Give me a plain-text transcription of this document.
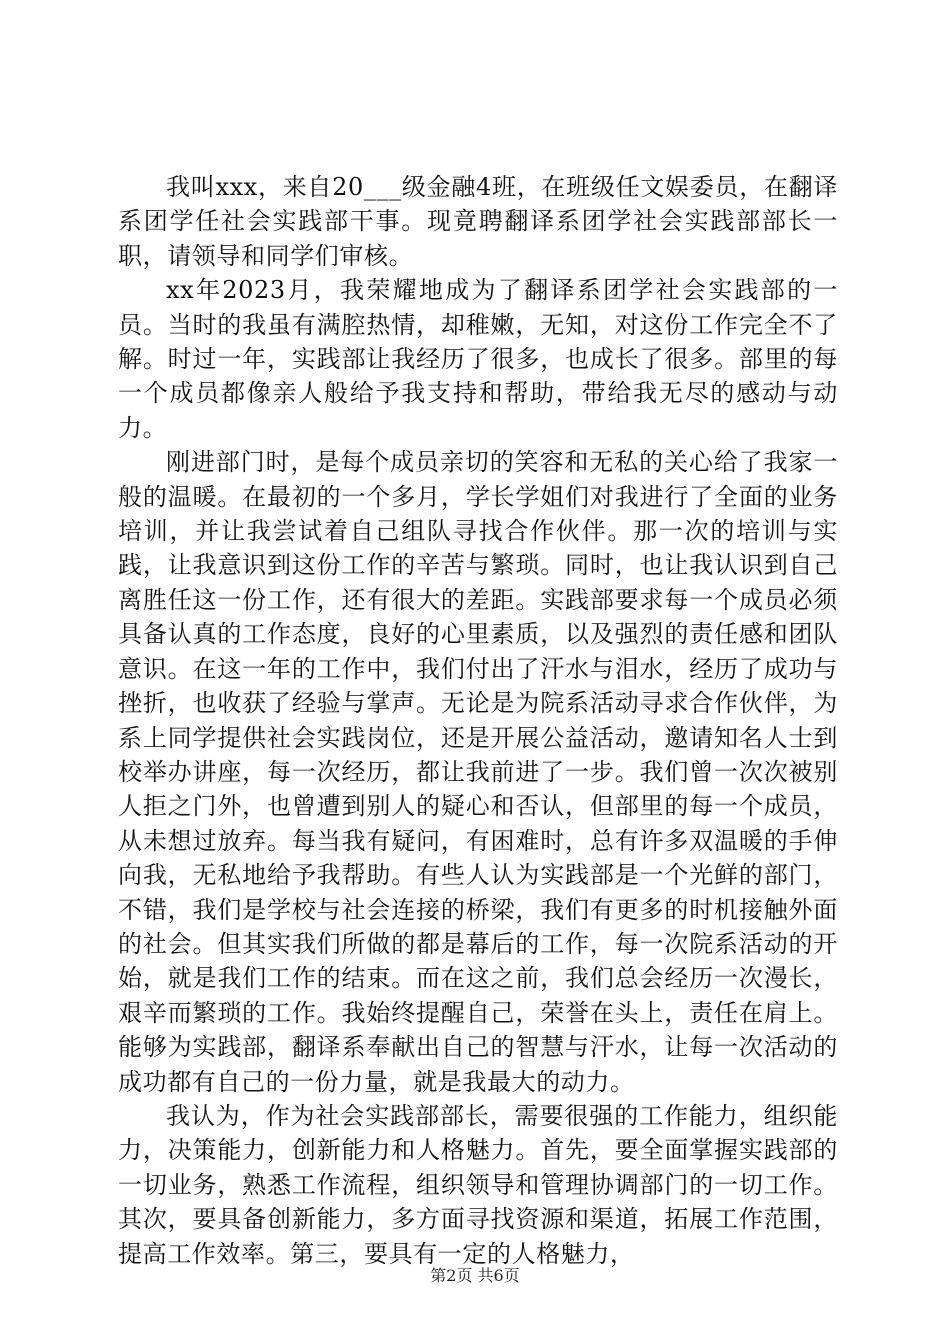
我叫xxx，来自20___级金融4班，在班级任文娱委员，在翻译系团学任社会实践部干事。现竟聘翻译系团学社会实践部部长一职，请领导和同学们审核。

xx年2023月，我荣耀地成为了翻译系团学社会实践部的一员。当时的我虽有满腔热情，却稚嫩，无知，对这份工作完全不了解。时过一年，实践部让我经历了很多，也成长了很多。部里的每一个成员都像亲人般给予我支持和帮助，带给我无尽的感动与动力。

刚进部门时，是每个成员亲切的笑容和无私的关心给了我家一般的温暖。在最初的一个多月，学长学姐们对我进行了全面的业务培训，并让我尝试着自己组队寻找合作伙伴。那一次的培训与实践，让我意识到这份工作的辛苦与繁琐。同时，也让我认识到自己离胜任这一份工作，还有很大的差距。实践部要求每一个成员必须具备认真的工作态度，良好的心里素质，以及强烈的责任感和团队意识。在这一年的工作中，我们付出了汗水与泪水，经历了成功与挫折，也收获了经验与掌声。无论是为院系活动寻求合作伙伴，为系上同学提供社会实践岗位，还是开展公益活动，邀请知名人士到校举办讲座，每一次经历，都让我前进了一步。我们曾一次次被别人拒之门外，也曾遭到别人的疑心和否认，但部里的每一个成员，从未想过放弃。每当我有疑问，有困难时，总有许多双温暖的手伸向我，无私地给予我帮助。有些人认为实践部是一个光鲜的部门，不错，我们是学校与社会连接的桥梁，我们有更多的时机接触外面的社会。但其实我们所做的都是幕后的工作，每一次院系活动的开始，就是我们工作的结束。而在这之前，我们总会经历一次漫长，艰辛而繁琐的工作。我始终提醒自己，荣誉在头上，责任在肩上。能够为实践部，翻译系奉献出自己的智慧与汗水，让每一次活动的成功都有自己的一份力量，就是我最大的动力。

我认为，作为社会实践部部长，需要很强的工作能力，组织能力，决策能力，创新能力和人格魅力。首先，要全面掌握实践部的一切业务，熟悉工作流程，组织领导和管理协调部门的一切工作。其次，要具备创新能力，多方面寻找资源和渠道，拓展工作范围，提高工作效率。第三，要具有一定的人格魅力，

第2页 共6页
